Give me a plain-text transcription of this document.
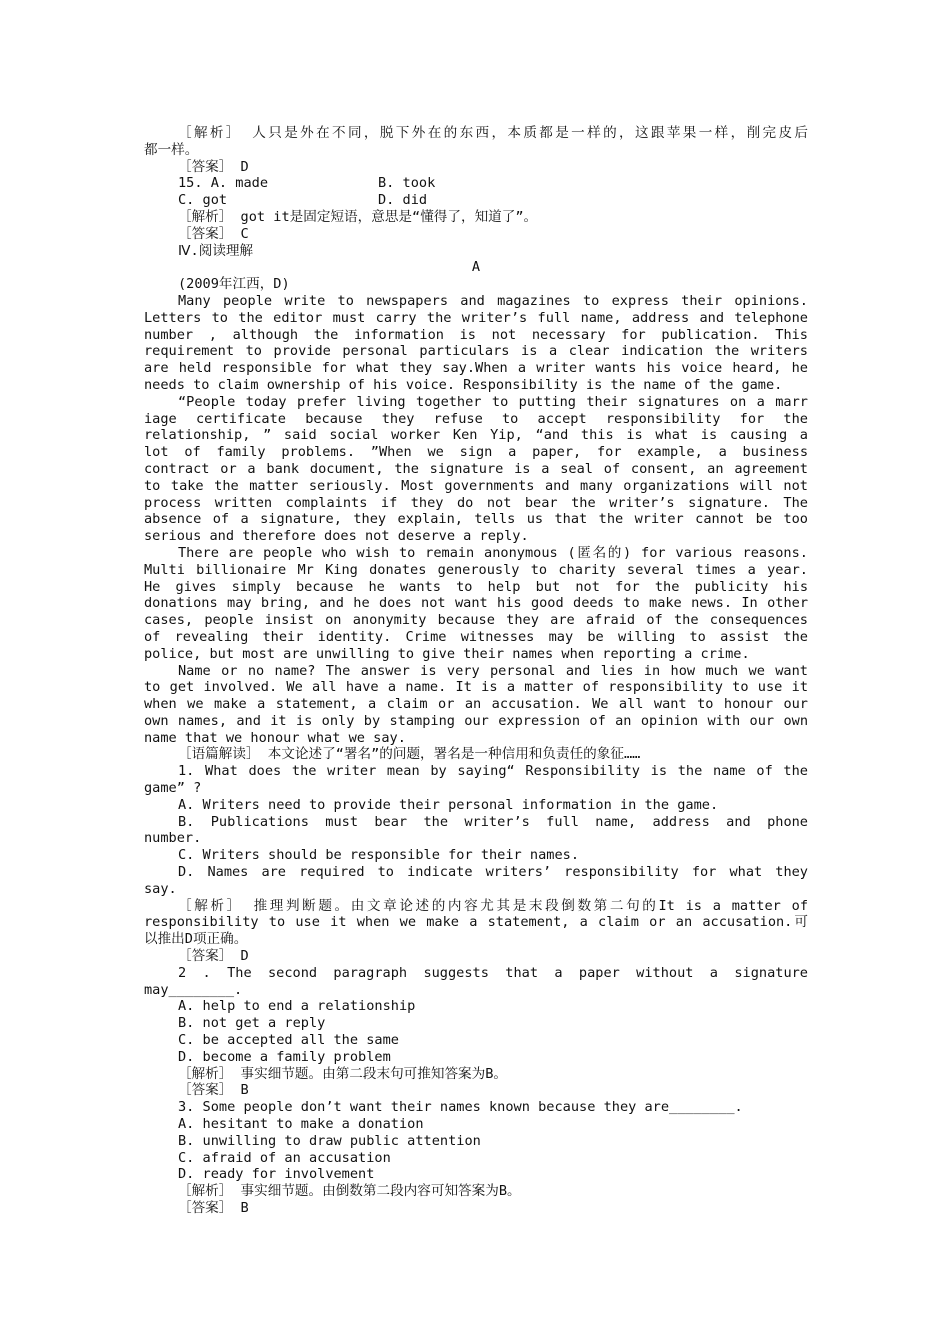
［解析］ 人只是外在不同，脱下外在的东西，本质都是一样的，这跟苹果一样，削完皮后
都一样。
［答案］ D
15. A. made	B. took
C. got	D. did
［解析］ got it是固定短语，意思是“懂得了，知道了”。
［答案］ C
Ⅳ.阅读理解
A
(2009年江西，D)
Many people write to newspapers and magazines to express their opinions.
Letters to the editor must carry the writer’s full name, address and telephone
number , although the information is not necessary for publication. This
requirement to provide personal particulars is a clear indication the writers
are held responsible for what they say.When a writer wants his voice heard, he
needs to claim ownership of his voice. Responsibility is the name of the game.
“People today prefer living together to putting their signatures on a marr
iage certificate because they refuse to accept responsibility for the
relationship, ” said social worker Ken Yip, “and this is what is causing a
lot of family problems. ”When we sign a paper, for example, a business
contract or a bank document, the signature is a seal of consent, an agreement
to take the matter seriously. Most governments and many organizations will not
process written complaints if they do not bear the writer’s signature. The
absence of a signature, they explain, tells us that the writer cannot be too
serious and therefore does not deserve a reply.
There are people who wish to remain anonymous (匿名的) for various reasons.
Multi billionaire Mr King donates generously to charity several times a year.
He gives simply because he wants to help but not for the publicity his
donations may bring, and he does not want his good deeds to make news. In other
cases, people insist on anonymity because they are afraid of the consequences
of revealing their identity. Crime witnesses may be willing to assist the
police, but most are unwilling to give their names when reporting a crime.
Name or no name? The answer is very personal and lies in how much we want
to get involved. We all have a name. It is a matter of responsibility to use it
when we make a statement, a claim or an accusation. We all want to honour our
own names, and it is only by stamping our expression of an opinion with our own
name that we honour what we say.
［语篇解读］ 本文论述了“署名”的问题，署名是一种信用和负责任的象征……
1. What does the writer mean by saying“ Responsibility is the name of the
game” ?
A. Writers need to provide their personal information in the game.
B. Publications must bear the writer’s full name, address and phone
number.
C. Writers should be responsible for their names.
D. Names are required to indicate writers’ responsibility for what they
say.
［解析］ 推理判断题。由文章论述的内容尤其是末段倒数第二句的It is a matter of
responsibility to use it when we make a statement, a claim or an accusation.可
以推出D项正确。
［答案］ D
2 . The second paragraph suggests that a paper without a signature
may________.
A. help to end a relationship
B. not get a reply
C. be accepted all the same
D. become a family problem
［解析］ 事实细节题。由第二段末句可推知答案为B。
［答案］ B
3. Some people don’t want their names known because they are________.
A. hesitant to make a donation
B. unwilling to draw public attention
C. afraid of an accusation
D. ready for involvement
［解析］ 事实细节题。由倒数第二段内容可知答案为B。
［答案］ B
